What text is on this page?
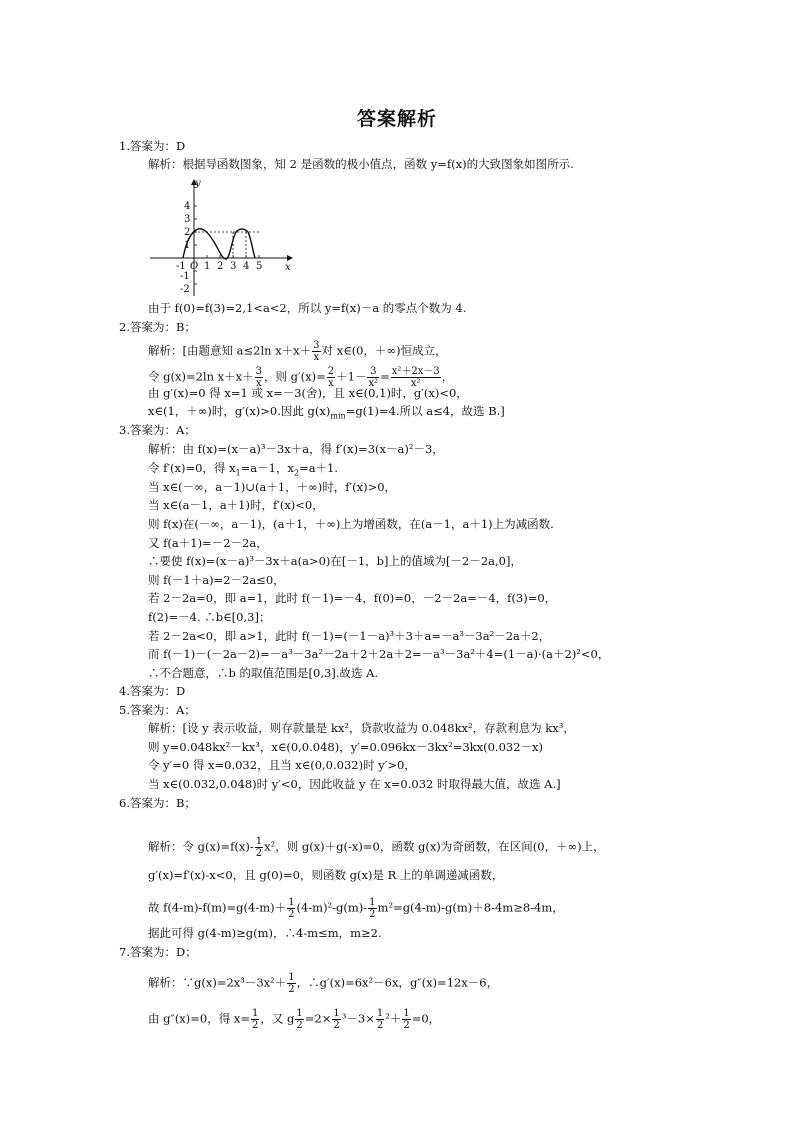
答案解析
1.答案为：D
解析：根据导函数图象，知 2 是函数的极小值点，函数 y=f(x)的大致图象如图所示.
由于 f(0)=f(3)=2,1<a<2，所以 y=f(x)－a 的零点个数为 4.
2.答案为：B；
由 g′(x)=0 得 x=1 或 x=－3(舍)，且 x∈(0,1)时，g′(x)<0，
3.答案为：A；
解析：由 f(x)=(x－a)³－3x＋a，得 f′(x)=3(x－a)²－3，
当 x∈(－∞，a－1)∪(a＋1，＋∞)时，f′(x)>0，
当 x∈(a－1，a＋1)时，f′(x)<0，
则 f(x)在(－∞，a－1)，(a＋1，＋∞)上为增函数，在(a－1，a＋1)上为减函数.
又 f(a＋1)=－2－2a，
∴要使 f(x)=(x－a)³－3x＋a(a>0)在[－1，b]上的值域为[－2－2a,0]，
则 f(－1＋a)=2－2a≤0，
若 2－2a=0，即 a=1，此时 f(－1)=－4，f(0)=0，－2－2a=－4，f(3)=0，
f(2)=－4. ∴b∈[0,3]；
若 2－2a<0，即 a>1，此时 f(－1)=(－1－a)³＋3＋a=－a³－3a²－2a＋2，
而 f(－1)－(－2a－2)=－a³－3a²－2a＋2＋2a＋2=－a³－3a²＋4=(1－a)·(a＋2)²<0，
∴不合题意，∴b 的取值范围是[0,3].故选 A.
4.答案为：D
5.答案为：A；
解析：[设 y 表示收益，则存款量是 kx²，贷款收益为 0.048kx²，存款利息为 kx³，
则 y=0.048kx²－kx³，x∈(0,0.048)，y′=0.096kx－3kx²=3kx(0.032－x)
令 y′=0 得 x=0.032，且当 x∈(0,0.032)时 y′>0，
当 x∈(0.032,0.048)时 y′<0，因此收益 y 在 x=0.032 时取得最大值，故选 A.]
6.答案为：B；
g′(x)=f′(x)-x<0，且 g(0)=0，则函数 g(x)是 R 上的单调递减函数，
据此可得 g(4-m)≥g(m)，∴4-m≤m，m≥2.
7.答案为：D；
解析：[由题意知 a≤2ln $x+x+ \frac{3}{x}$ 对 x∈(0，＋∞)恒成立，
令 g(x)=2ln $x+x+ \frac{3}{x}$ ，则 $g'(x)= \frac{2}{x} +1- \frac{3}{\text{x²}} = \frac{\text{x²＋2x－3}}{\text{x²}}$ ，
x∈(1，＋∞)时，g′(x)>0.因此 $g(x)_{min}=g(1)=4$.所以 a≤4，故选 B.]
令 f′(x)=0，得 $x_1=a-1$，$x_2=a+1$.
解析：令 $g(x)=f(x)- \frac{1}{2} x^2$，则 g(x)＋g(-x)=0，函数 g(x)为奇函数，在区间(0，＋∞)上，
故 $f(4-m)-f(m)=g(4-m)+ \frac{1}{2} (4-m)^2-g(m)- \frac{1}{2} m^2=g(4-m)-g(m)+8-4m\ge 8-4m$，
解析：∵g(x)=2x³－3x²＋ $\frac{1}{2}$ ，∴g′(x)=6x²－6x，g″(x)=12x－6，
由 g″(x)=0，得 $x= \frac{1}{2}$ ，又 g $\frac{1}{2} =2\times \frac{1}{2} ^3-3\times \frac{1}{2} ^2+ \frac{1}{2} =0$，
y
x
O
4
3
2
1
-1
-2
-1 1 2 3 4 5
